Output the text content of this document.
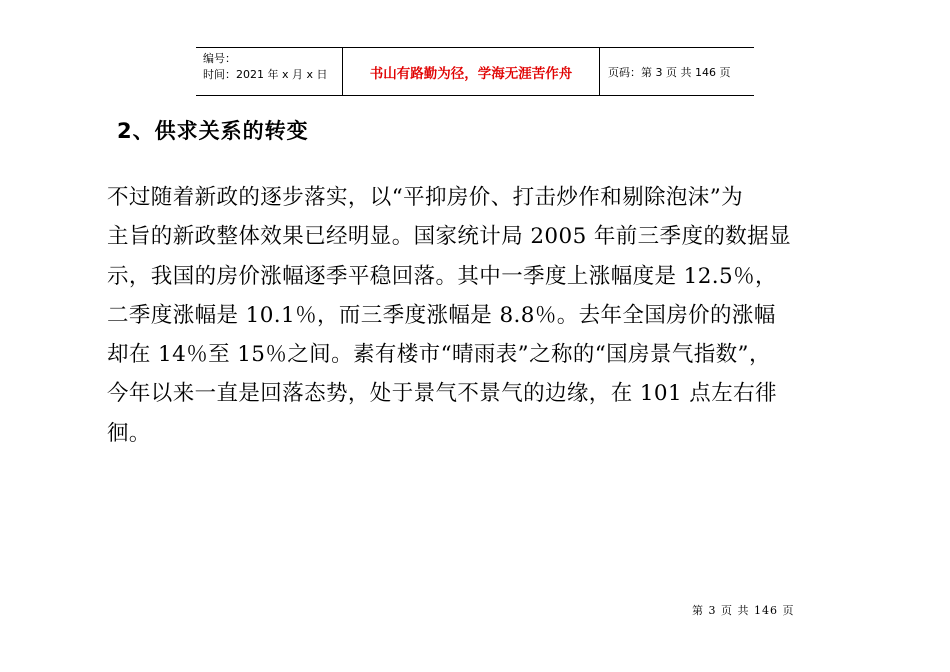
编号：
时间：2021 年 x 月 x 日	书山有路勤为径，学海无涯苦作舟	页码：第 3 页 共 146 页
2、供求关系的转变
不过随着新政的逐步落实，以“平抑房价、打击炒作和剔除泡沫”为
主旨的新政整体效果已经明显。国家统计局 2005 年前三季度的数据显
示，我国的房价涨幅逐季平稳回落。其中一季度上涨幅度是 12.5％，
二季度涨幅是 10.1％，而三季度涨幅是 8.8％。去年全国房价的涨幅
却在 14％至 15％之间。素有楼市“晴雨表”之称的“国房景气指数”，
今年以来一直是回落态势，处于景气不景气的边缘，在 101 点左右徘
徊。
第 3 页 共 146 页
